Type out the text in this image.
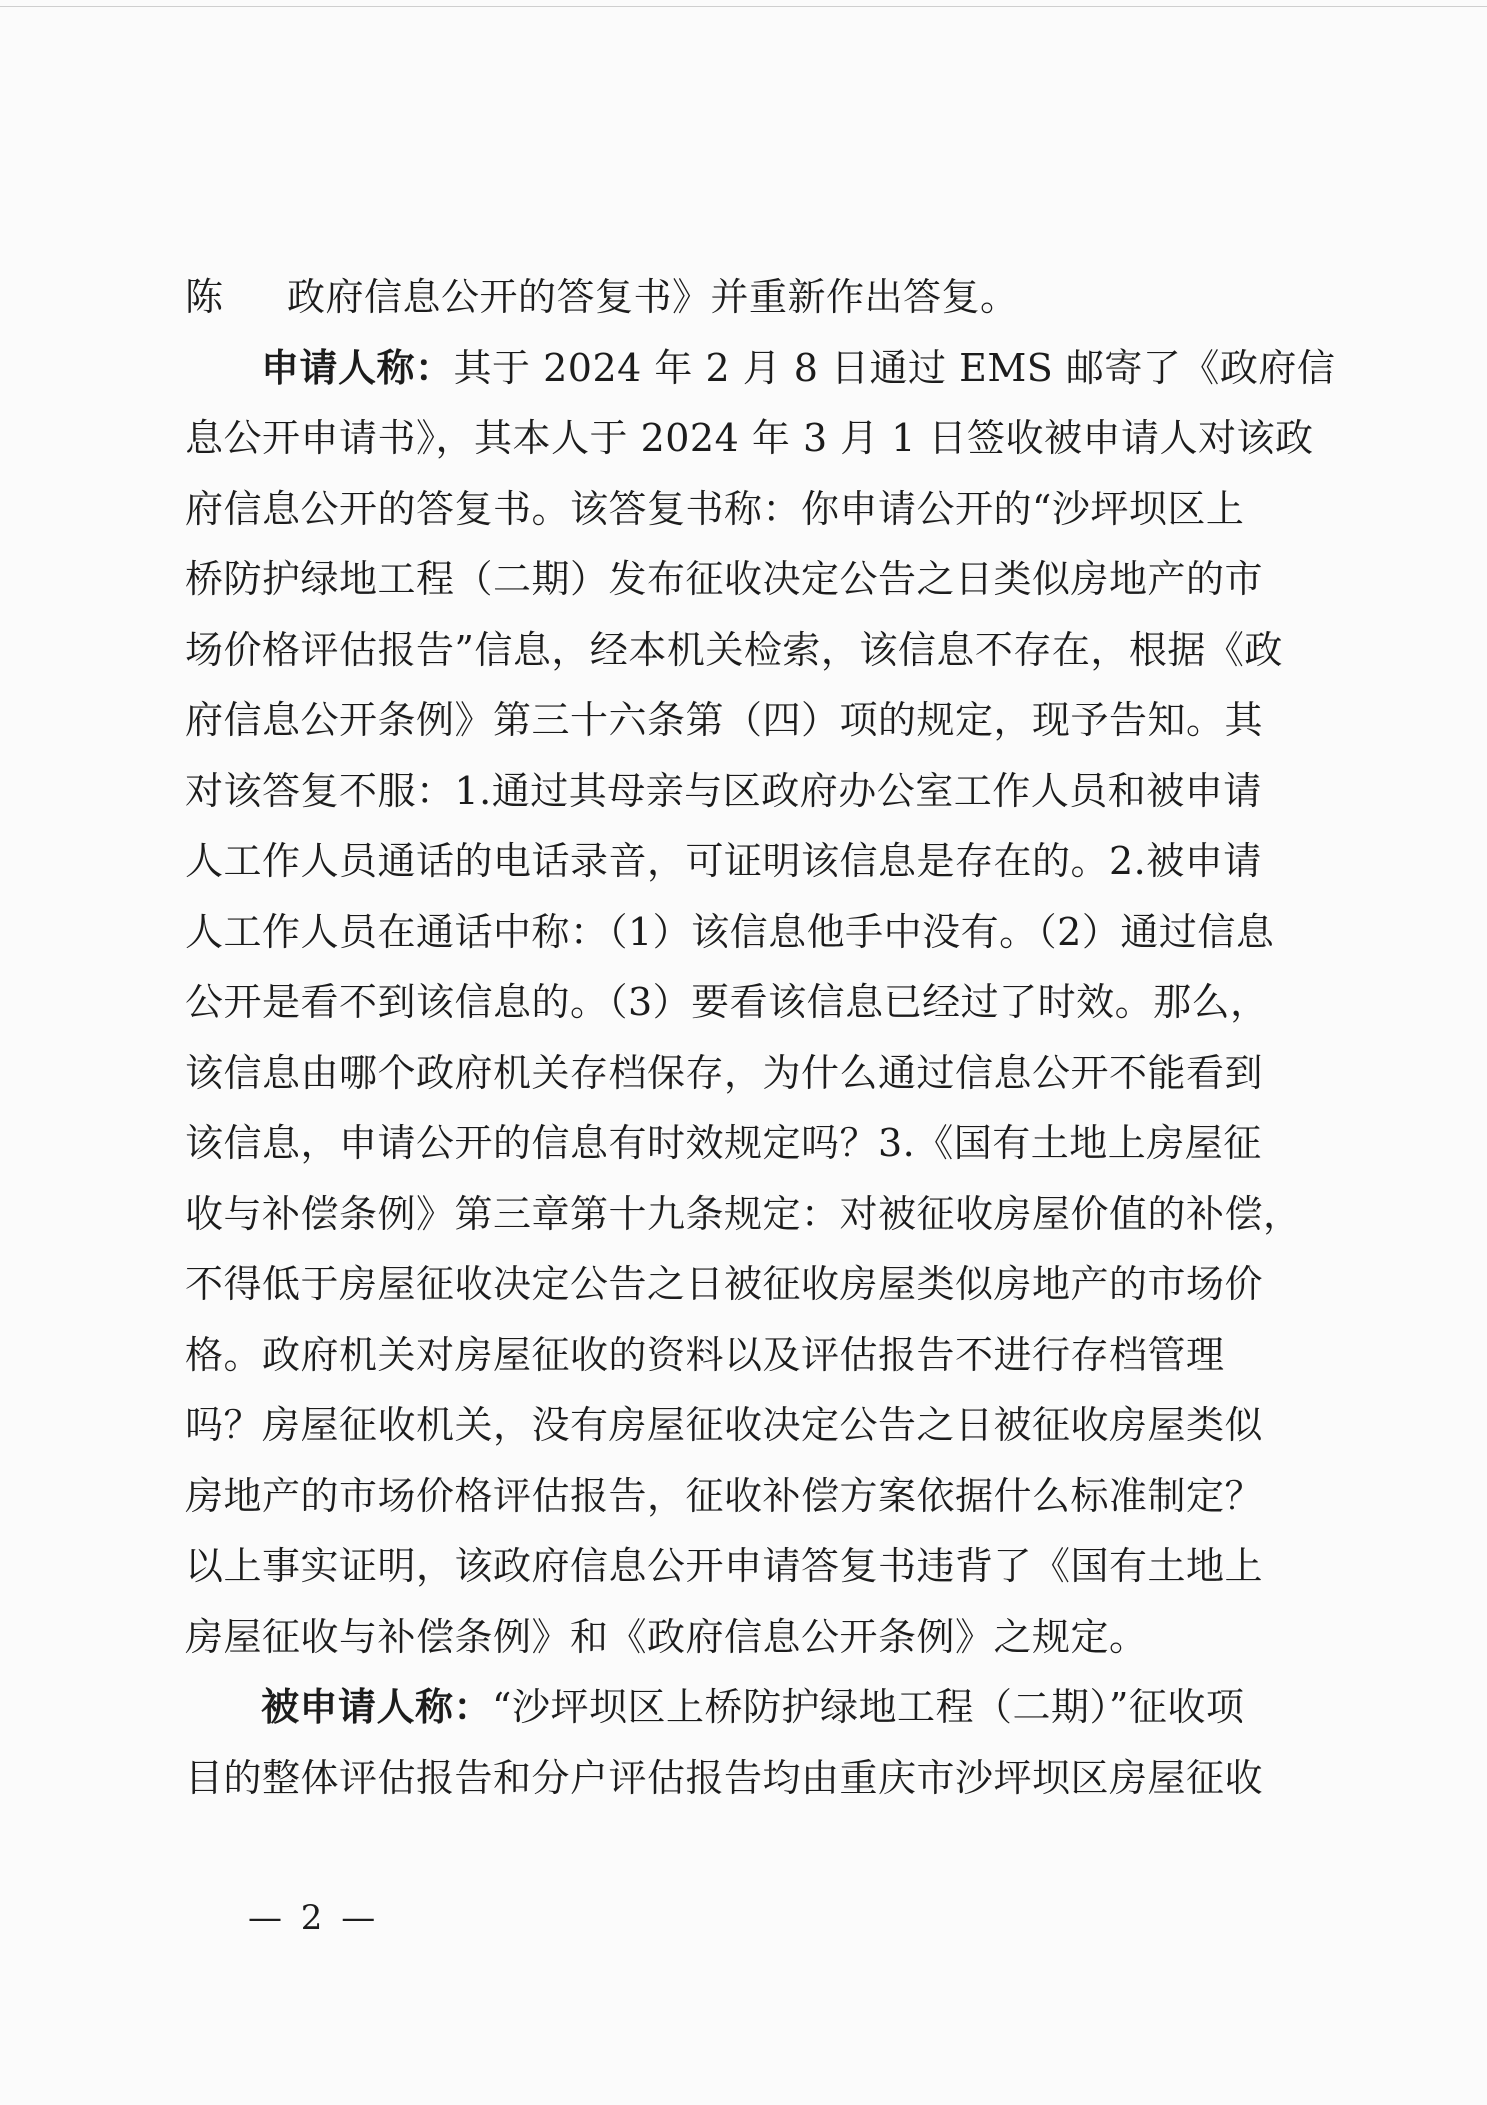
陈 政府信息公开的答复书》并重新作出答复。
申请人称：其于 2024 年 2 月 8 日通过 EMS 邮寄了《政府信
息公开申请书》，其本人于 2024 年 3 月 1 日签收被申请人对该政
府信息公开的答复书。该答复书称：你申请公开的“沙坪坝区上
桥防护绿地工程（二期）发布征收决定公告之日类似房地产的市
场价格评估报告”信息，经本机关检索，该信息不存在，根据《政
府信息公开条例》第三十六条第（四）项的规定，现予告知。其
对该答复不服：1.通过其母亲与区政府办公室工作人员和被申请
人工作人员通话的电话录音，可证明该信息是存在的。2.被申请
人工作人员在通话中称：（1）该信息他手中没有。（2）通过信息
公开是看不到该信息的。（3）要看该信息已经过了时效。那么，
该信息由哪个政府机关存档保存，为什么通过信息公开不能看到
该信息，申请公开的信息有时效规定吗？3.《国有土地上房屋征
收与补偿条例》第三章第十九条规定：对被征收房屋价值的补偿，
不得低于房屋征收决定公告之日被征收房屋类似房地产的市场价
格。政府机关对房屋征收的资料以及评估报告不进行存档管理
吗？房屋征收机关，没有房屋征收决定公告之日被征收房屋类似
房地产的市场价格评估报告，征收补偿方案依据什么标准制定？
以上事实证明，该政府信息公开申请答复书违背了《国有土地上
房屋征收与补偿条例》和《政府信息公开条例》之规定。
被申请人称：“沙坪坝区上桥防护绿地工程（二期）”征收项
目的整体评估报告和分户评估报告均由重庆市沙坪坝区房屋征收
— 2 —
